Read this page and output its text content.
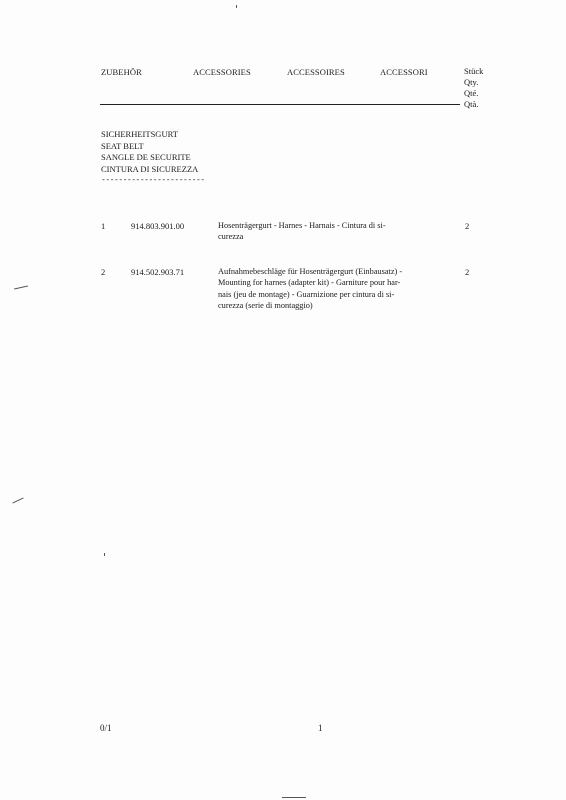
ZUBEHÖR	ACCESSORIES	ACCESSOIRES	ACCESSORI	Stück
Qty.
Qté.
Qtà.
SICHERHEITSGURT
SEAT BELT
SANGLE DE SECURITE
CINTURA DI SICUREZZA
------------------------
1	914.803.901.00	Hosenträgergurt - Harnes - Harnais - Cintura di si-
curezza
2
2	914.502.903.71	Aufnahmebeschläge für Hosenträgergurt (Einbausatz) -
Mounting for harnes (adapter kit) - Garniture pour har-
nais (jeu de montage) - Guarnizione per cintura di si-
curezza (serie di montaggio)
2
0/1	1
